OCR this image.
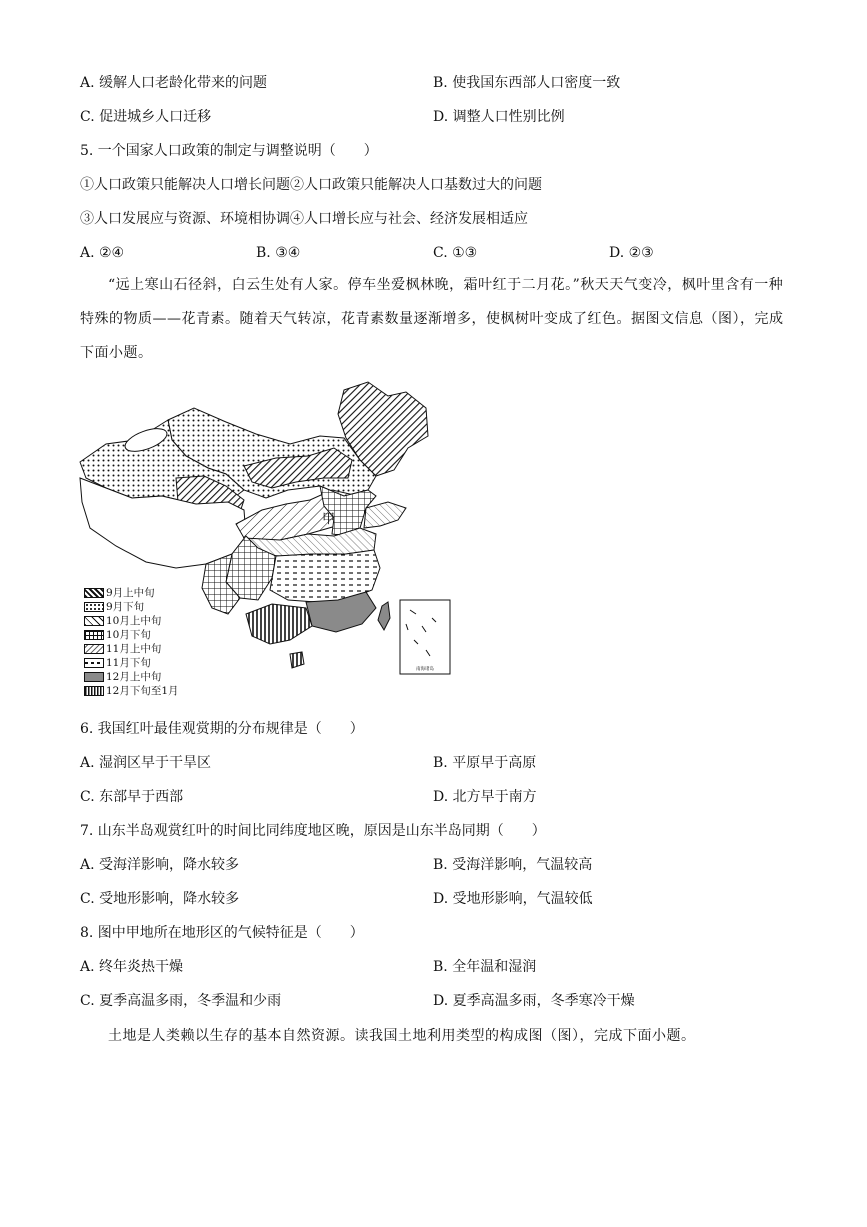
A. 缓解人口老龄化带来的问题	B. 使我国东西部人口密度一致
C. 促进城乡人口迁移	D. 调整人口性别比例
5. 一个国家人口政策的制定与调整说明（　　）
①人口政策只能解决人口增长问题②人口政策只能解决人口基数过大的问题
③人口发展应与资源、环境相协调④人口增长应与社会、经济发展相适应
A. ②④	B. ③④	C. ①③	D. ②③
“远上寒山石径斜，白云生处有人家。停车坐爱枫林晚，霜叶红于二月花。”秋天天气变冷，枫叶里含有一种特殊的物质——花青素。随着天气转凉，花青素数量逐渐增多，使枫树叶变成了红色。据图文信息（图），完成下面小题。
南海诸岛
甲
9月上中旬
9月下旬
10月上中旬
10月下旬
11月上中旬
11月下旬
12月上中旬
12月下旬至1月
6. 我国红叶最佳观赏期的分布规律是（　　）
A. 湿润区早于干旱区	B. 平原早于高原
C. 东部早于西部	D. 北方早于南方
7. 山东半岛观赏红叶的时间比同纬度地区晚，原因是山东半岛同期（　　）
A. 受海洋影响，降水较多	B. 受海洋影响，气温较高
C. 受地形影响，降水较多	D. 受地形影响，气温较低
8. 图中甲地所在地形区的气候特征是（　　）
A. 终年炎热干燥	B. 全年温和湿润
C. 夏季高温多雨，冬季温和少雨	D. 夏季高温多雨，冬季寒冷干燥
土地是人类赖以生存的基本自然资源。读我国土地利用类型的构成图（图），完成下面小题。
